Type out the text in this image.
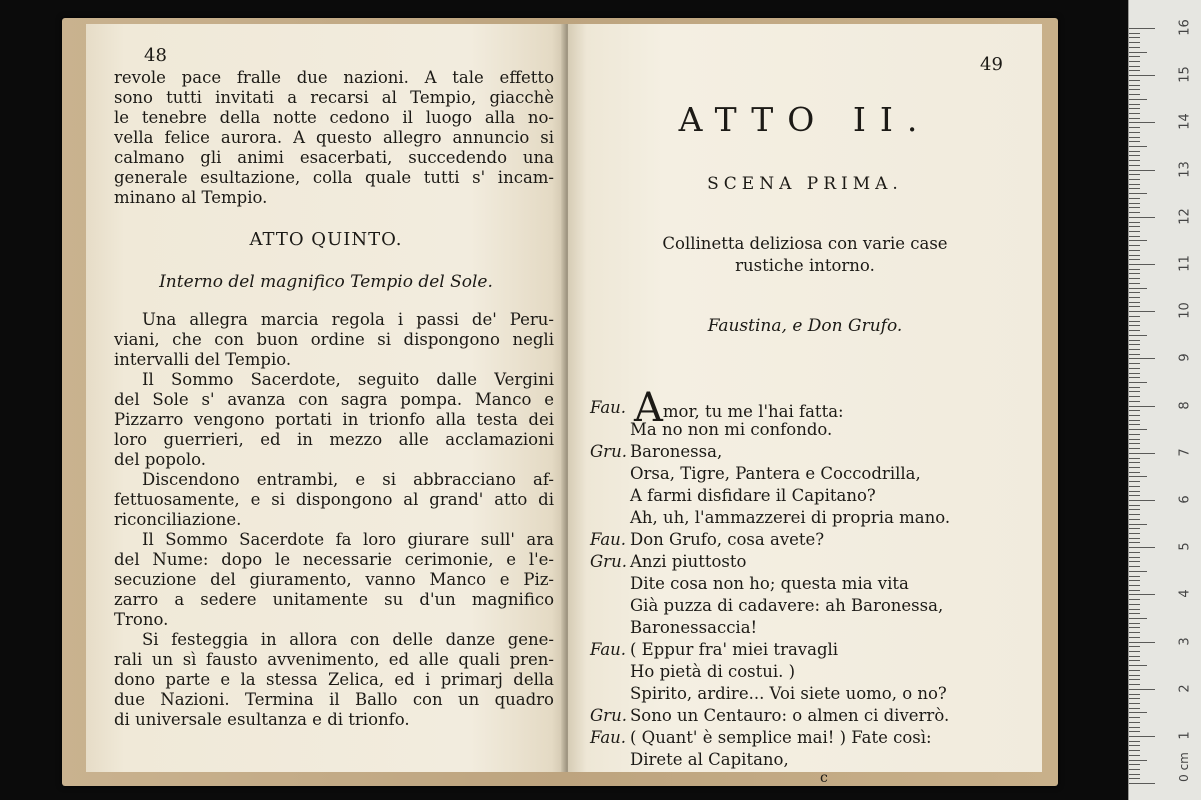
48
revole pace fralle due nazioni. A tale effetto
sono tutti invitati a recarsi al Tempio, giacchè
le tenebre della notte cedono il luogo alla no-
vella felice aurora. A questo allegro annuncio si
calmano gli animi esacerbati, succedendo una
generale esultazione, colla quale tutti s' incam-
minano al Tempio.
ATTO QUINTO.
Interno del magnifico Tempio del Sole.
Una allegra marcia regola i passi de' Peru-
viani, che con buon ordine si dispongono negli
intervalli del Tempio.
Il Sommo Sacerdote, seguito dalle Vergini
del Sole s' avanza con sagra pompa. Manco e
Pizzarro vengono portati in trionfo alla testa dei
loro guerrieri, ed in mezzo alle acclamazioni
del popolo.
Discendono entrambi, e si abbracciano af-
fettuosamente, e si dispongono al grand' atto di
riconciliazione.
Il Sommo Sacerdote fa loro giurare sull' ara
del Nume: dopo le necessarie cerimonie, e l'e-
secuzione del giuramento, vanno Manco e Piz-
zarro a sedere unitamente su d'un magnifico
Trono.
Si festeggia in allora con delle danze gene-
rali un sì fausto avvenimento, ed alle quali pren-
dono parte e la stessa Zelica, ed i primarj della
due Nazioni. Termina il Ballo con un quadro
di universale esultanza e di trionfo.
49
ATTO II.
SCENA PRIMA.
Collinetta deliziosa con varie case
rustiche intorno.
Faustina, e Don Grufo.
Fau. Amor, tu me l'hai fatta:
Ma no non mi confondo.
Gru. Baronessa,
Orsa, Tigre, Pantera e Coccodrilla,
A farmi disfidare il Capitano?
Ah, uh, l'ammazzerei di propria mano.
Fau. Don Grufo, cosa avete?
Gru. Anzi piuttosto
Dite cosa non ho; questa mia vita
Già puzza di cadavere: ah Baronessa,
Baronessaccia!
Fau. ( Eppur fra' miei travagli
Ho pietà di costui. )
Spirito, ardire... Voi siete uomo, o no?
Gru. Sono un Centauro: o almen ci diverrò.
Fau. ( Quant' è semplice mai! ) Fate così:
c
Direte al Capitano,	0 cm
16
15
14
13
12
11
10
9
8
7
6
5
4
3
2
1
